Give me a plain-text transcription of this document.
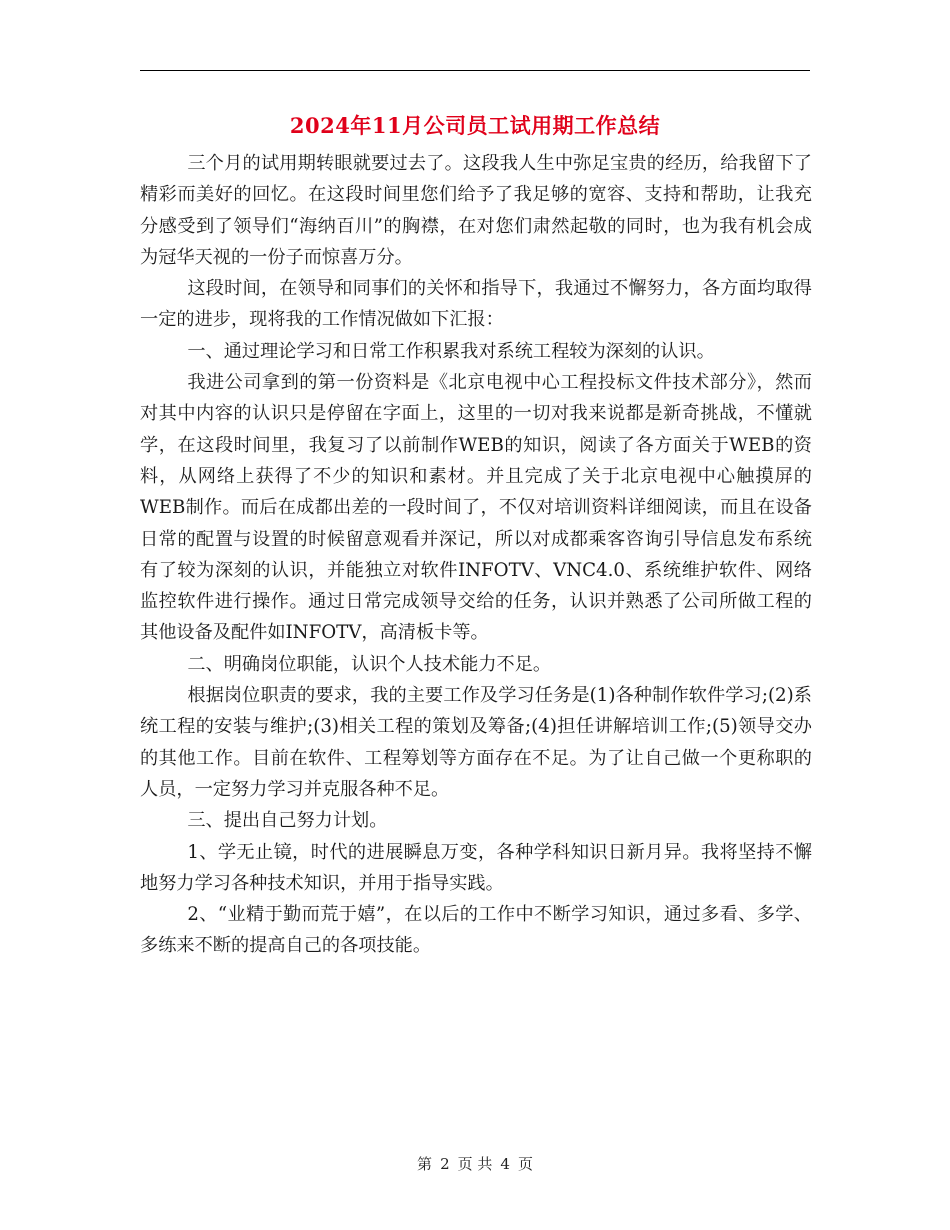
2024年11月公司员工试用期工作总结

三个月的试用期转眼就要过去了。这段我人生中弥足宝贵的经历，给我留下了精彩而美好的回忆。在这段时间里您们给予了我足够的宽容、支持和帮助，让我充分感受到了领导们“海纳百川”的胸襟，在对您们肃然起敬的同时，也为我有机会成为冠华天视的一份子而惊喜万分。

这段时间，在领导和同事们的关怀和指导下，我通过不懈努力，各方面均取得一定的进步，现将我的工作情况做如下汇报：

一、通过理论学习和日常工作积累我对系统工程较为深刻的认识。

我进公司拿到的第一份资料是《北京电视中心工程投标文件技术部分》，然而对其中内容的认识只是停留在字面上，这里的一切对我来说都是新奇挑战，不懂就学，在这段时间里，我复习了以前制作WEB的知识，阅读了各方面关于WEB的资料，从网络上获得了不少的知识和素材。并且完成了关于北京电视中心触摸屏的WEB制作。而后在成都出差的一段时间了，不仅对培训资料详细阅读，而且在设备日常的配置与设置的时候留意观看并深记，所以对成都乘客咨询引导信息发布系统有了较为深刻的认识，并能独立对软件INFOTV、VNC4.0、系统维护软件、网络监控软件进行操作。通过日常完成领导交给的任务，认识并熟悉了公司所做工程的其他设备及配件如INFOTV，高清板卡等。

二、明确岗位职能，认识个人技术能力不足。

根据岗位职责的要求，我的主要工作及学习任务是(1)各种制作软件学习;(2)系统工程的安装与维护;(3)相关工程的策划及筹备;(4)担任讲解培训工作;(5)领导交办的其他工作。目前在软件、工程筹划等方面存在不足。为了让自己做一个更称职的人员，一定努力学习并克服各种不足。

三、提出自己努力计划。

1、学无止镜，时代的进展瞬息万变，各种学科知识日新月异。我将坚持不懈地努力学习各种技术知识，并用于指导实践。

2、“业精于勤而荒于嬉”，在以后的工作中不断学习知识，通过多看、多学、多练来不断的提高自己的各项技能。

第 2 页 共 4 页
